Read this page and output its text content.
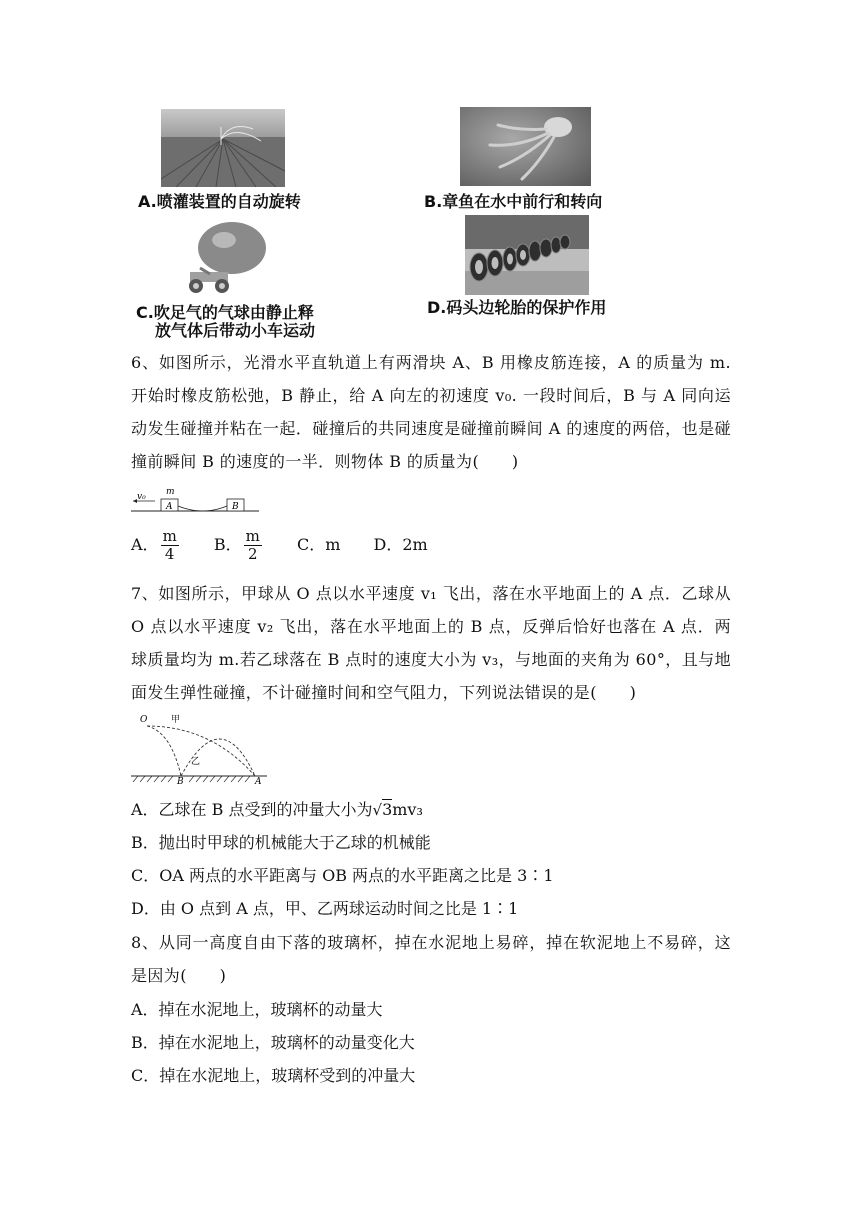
A.喷灌装置的自动旋转	B.章鱼在水中前行和转向
C.吹足气的气球由静止释
放气体后带动小车运动
D.码头边轮胎的保护作用
6、如图所示，光滑水平直轨道上有两滑块 A、B 用橡皮筋连接，A 的质量为 m. 开始时橡皮筋松弛，B 静止，给 A 向左的初速度 v₀. 一段时间后，B 与 A 同向运动发生碰撞并粘在一起．碰撞后的共同速度是碰撞前瞬间 A 的速度的两倍，也是碰撞前瞬间 B 的速度的一半．则物体 B 的质量为(　　)
v₀ m
A	B
A． $\frac{m}{4}$ B． $\frac{m}{2}$ C．m D．2m
7、如图所示，甲球从 O 点以水平速度 v₁ 飞出，落在水平地面上的 A 点．乙球从 O 点以水平速度 v₂ 飞出，落在水平地面上的 B 点，反弹后恰好也落在 A 点．两球质量均为 m.若乙球落在 B 点时的速度大小为 v₃，与地面的夹角为 60°，且与地面发生弹性碰撞，不计碰撞时间和空气阻力，下列说法错误的是(　　)
O	甲
乙
B	A
A．乙球在 B 点受到的冲量大小为√3mv₃
B．抛出时甲球的机械能大于乙球的机械能
C．OA 两点的水平距离与 OB 两点的水平距离之比是 3∶1
D．由 O 点到 A 点，甲、乙两球运动时间之比是 1∶1
8、从同一高度自由下落的玻璃杯，掉在水泥地上易碎，掉在软泥地上不易碎，这是因为(　　)
A．掉在水泥地上，玻璃杯的动量大
B．掉在水泥地上，玻璃杯的动量变化大
C．掉在水泥地上，玻璃杯受到的冲量大
